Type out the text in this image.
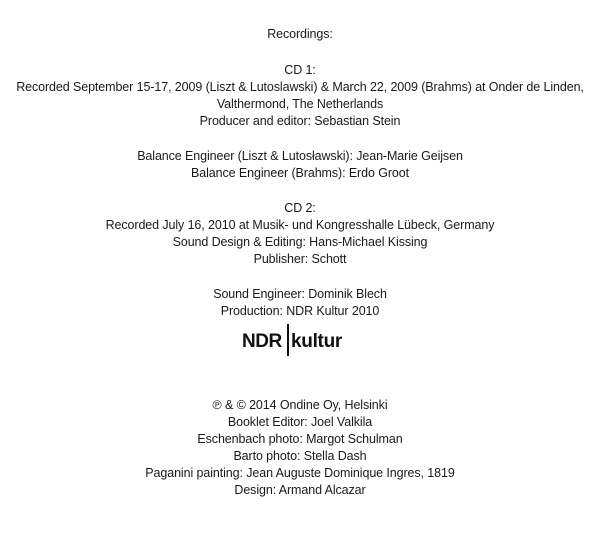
Recordings:
CD 1:
Recorded September 15-17, 2009 (Liszt & Lutoslawski) & March 22, 2009 (Brahms) at Onder de Linden,
Valthermond, The Netherlands
Producer and editor: Sebastian Stein
Balance Engineer (Liszt & Lutosławski): Jean-Marie Geijsen
Balance Engineer (Brahms): Erdo Groot
CD 2:
Recorded July 16, 2010 at Musik- und Kongresshalle Lübeck, Germany
Sound Design & Editing: Hans-Michael Kissing
Publisher: Schott
Sound Engineer: Dominik Blech
Production: NDR Kultur 2010
NDR kultur
℗ & © 2014 Ondine Oy, Helsinki
Booklet Editor: Joel Valkila
Eschenbach photo: Margot Schulman
Barto photo: Stella Dash
Paganini painting: Jean Auguste Dominique Ingres, 1819
Design: Armand Alcazar
